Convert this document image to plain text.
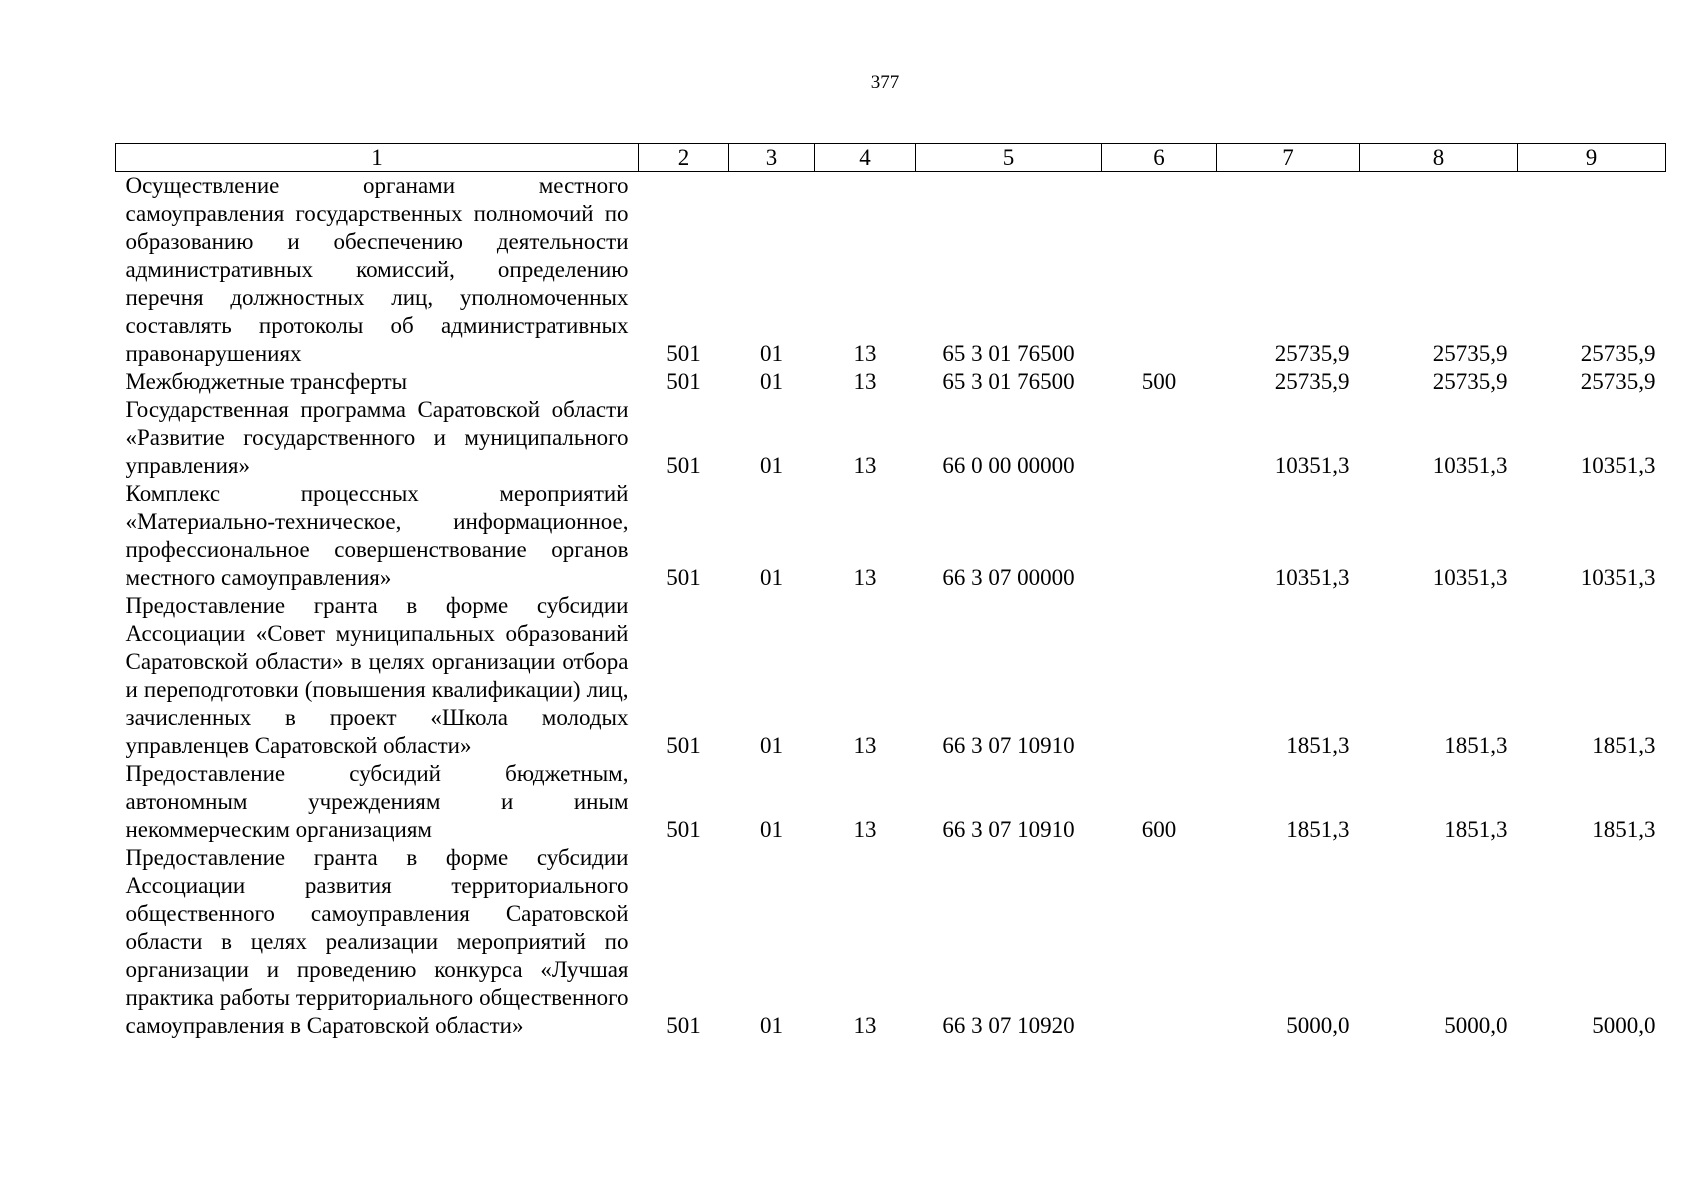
377
1	2	3	4	5	6	7	8	9
Осуществление органами местного самоуправления государственных полномочий по образованию и обеспечению деятельности административных комиссий, определению перечня должностных лиц, уполномоченных составлять протоколы об административных правонарушениях	501	01	13	65 3 01 76500		25735,9	25735,9	25735,9
Межбюджетные трансферты	501	01	13	65 3 01 76500	500	25735,9	25735,9	25735,9
Государственная программа Саратовской области «Развитие государственного и муниципального управления»	501	01	13	66 0 00 00000		10351,3	10351,3	10351,3
Комплекс процессных мероприятий «Материально-техническое, информационное, профессиональное совершенствование органов местного самоуправления»	501	01	13	66 3 07 00000		10351,3	10351,3	10351,3
Предоставление гранта в форме субсидии Ассоциации «Совет муниципальных образований Саратовской области» в целях организации отбора и переподготовки (повышения квалификации) лиц, зачисленных в проект «Школа молодых управленцев Саратовской области»	501	01	13	66 3 07 10910		1851,3	1851,3	1851,3
Предоставление субсидий бюджетным, автономным учреждениям и иным некоммерческим организациям	501	01	13	66 3 07 10910	600	1851,3	1851,3	1851,3
Предоставление гранта в форме субсидии Ассоциации развития территориального общественного самоуправления Саратовской области в целях реализации мероприятий по организации и проведению конкурса «Лучшая практика работы территориального общественного самоуправления в Саратовской области»	501	01	13	66 3 07 10920		5000,0	5000,0	5000,0
